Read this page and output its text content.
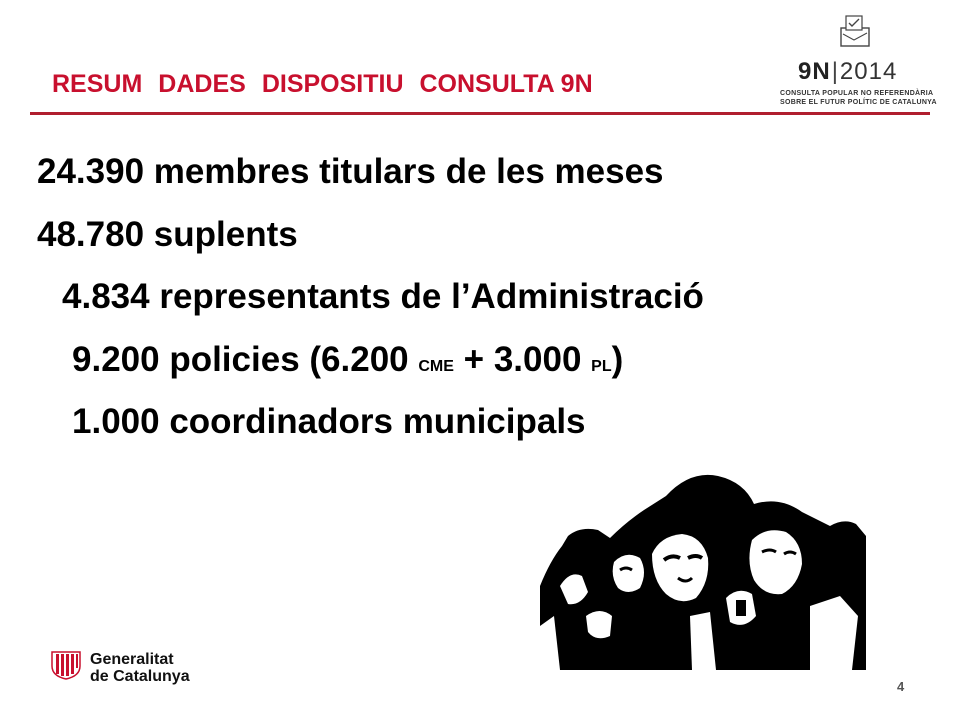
RESUM DADES DISPOSITIU CONSULTA 9N	9N|2014
CONSULTA POPULAR NO REFERENDÀRIA
SOBRE EL FUTUR POLÍTIC DE CATALUNYA
24.390 membres titulars de les meses
48.780 suplents
4.834 representants de l’Administració
9.200 policies (6.200 CME + 3.000 PL)
1.000 coordinadors municipals
Generalitat
de Catalunya
4
